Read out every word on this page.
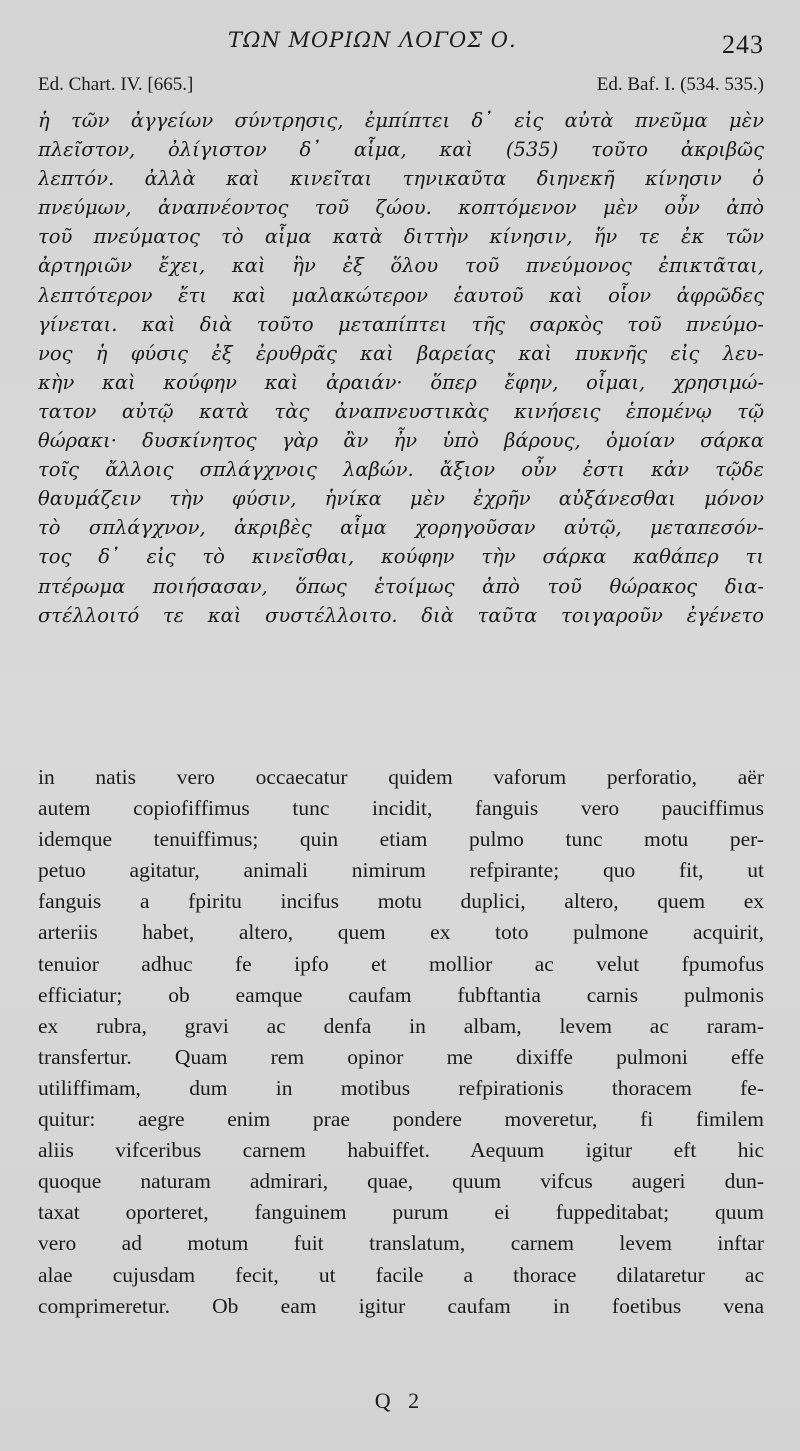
ΤΩΝ ΜΟΡΙΩΝ ΛΟΓΟΣ Ο.	243
Ed. Chart. IV. [665.]	Ed. Baf. I. (534. 535.)
ἡ τῶν ἀγγείων σύντρησις, ἐμπίπτει δ᾽ εἰς αὐτὰ πνεῦμα μὲν
πλεῖστον, ὀλίγιστον δ᾽ αἷμα, καὶ (535) τοῦτο ἀκριβῶς
λεπτόν. ἀλλὰ καὶ κινεῖται τηνικαῦτα διηνεκῆ κίνησιν ὁ
πνεύμων, ἀναπνέοντος τοῦ ζώου. κοπτόμενον μὲν οὖν ἀπὸ
τοῦ πνεύματος τὸ αἷμα κατὰ διττὴν κίνησιν, ἥν τε ἐκ τῶν
ἀρτηριῶν ἔχει, καὶ ἣν ἐξ ὅλου τοῦ πνεύμονος ἐπικτᾶται,
λεπτότερον ἔτι καὶ μαλακώτερον ἑαυτοῦ καὶ οἷον ἀφρῶδες
γίνεται. καὶ διὰ τοῦτο μεταπίπτει τῆς σαρκὸς τοῦ πνεύμο-
νος ἡ φύσις ἐξ ἐρυθρᾶς καὶ βαρείας καὶ πυκνῆς εἰς λευ-
κὴν καὶ κούφην καὶ ἀραιάν· ὅπερ ἔφην, οἶμαι, χρησιμώ-
τατον αὐτῷ κατὰ τὰς ἀναπνευστικὰς κινήσεις ἑπομένῳ τῷ
θώρακι· δυσκίνητος γὰρ ἂν ἦν ὑπὸ βάρους, ὁμοίαν σάρκα
τοῖς ἄλλοις σπλάγχνοις λαβών. ἄξιον οὖν ἐστι κἀν τῷδε
θαυμάζειν τὴν φύσιν, ἡνίκα μὲν ἐχρῆν αὐξάνεσθαι μόνον
τὸ σπλάγχνον, ἀκριβὲς αἷμα χορηγοῦσαν αὐτῷ, μεταπεσόν-
τος δ᾽ εἰς τὸ κινεῖσθαι, κούφην τὴν σάρκα καθάπερ τι
πτέρωμα ποιήσασαν, ὅπως ἑτοίμως ἀπὸ τοῦ θώρακος δια-
στέλλοιτό τε καὶ συστέλλοιτο. διὰ ταῦτα τοιγαροῦν ἐγένετο
in natis vero occaecatur quidem vaforum perforatio, aër
autem copiofiffimus tunc incidit, fanguis vero pauciffimus
idemque tenuiffimus; quin etiam pulmo tunc motu per-
petuo agitatur, animali nimirum refpirante; quo fit, ut
fanguis a fpiritu incifus motu duplici, altero, quem ex
arteriis habet, altero, quem ex toto pulmone acquirit,
tenuior adhuc fe ipfo et mollior ac velut fpumofus
efficiatur; ob eamque caufam fubftantia carnis pulmonis
ex rubra, gravi ac denfa in albam, levem ac raram-
transfertur. Quam rem opinor me dixiffe pulmoni effe
utiliffimam, dum in motibus refpirationis thoracem fe-
quitur: aegre enim prae pondere moveretur, fi fimilem
aliis vifceribus carnem habuiffet. Aequum igitur eft hic
quoque naturam admirari, quae, quum vifcus augeri dun-
taxat oporteret, fanguinem purum ei fuppeditabat; quum
vero ad motum fuit translatum, carnem levem inftar
alae cujusdam fecit, ut facile a thorace dilataretur ac
comprimeretur. Ob eam igitur caufam in foetibus vena
Q 2
